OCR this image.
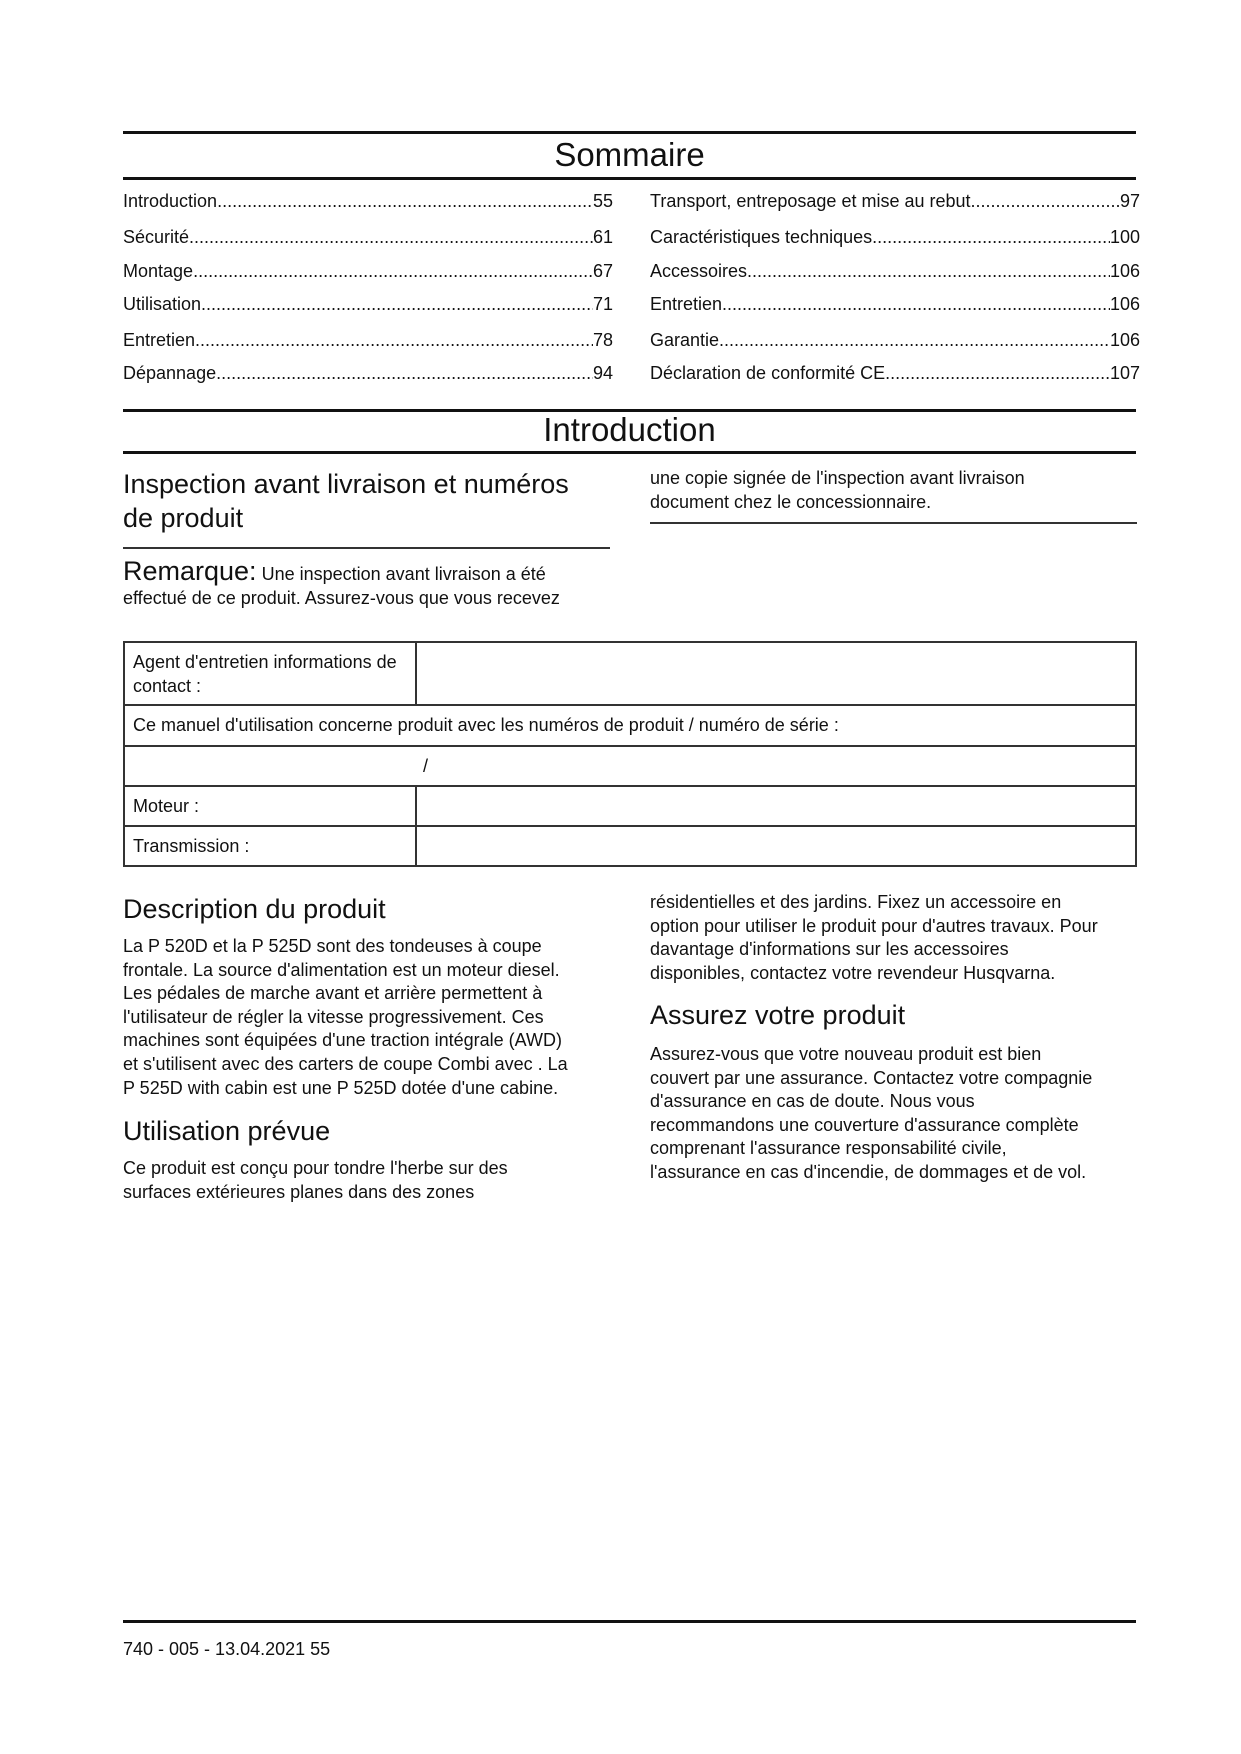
Sommaire
Introduction .....	55
Sécurité .....	61
Montage .....	67
Utilisation .....	71
Entretien .....	78
Dépannage .....	94
Transport, entreposage et mise au rebut .....	97
Caractéristiques techniques .....	100
Accessoires .....	106
Entretien .....	106
Garantie .....	106
Déclaration de conformité CE .....	107
Introduction
Inspection avant livraison et numéros
de produit
Remarque: Une inspection avant livraison a été
effectué de ce produit. Assurez-vous que vous recevez
une copie signée de l'inspection avant livraison
document chez le concessionnaire.
Agent d'entretien informations de contact :	
Ce manuel d'utilisation concerne produit avec les numéros de produit / numéro de série :	
/	
Moteur :	
Transmission :	
Description du produit
La P 520D et la P 525D sont des tondeuses à coupe
frontale. La source d'alimentation est un moteur diesel.
Les pédales de marche avant et arrière permettent à
l'utilisateur de régler la vitesse progressivement. Ces
machines sont équipées d'une traction intégrale (AWD)
et s'utilisent avec des carters de coupe Combi avec . La
P 525D with cabin est une P 525D dotée d'une cabine.
Utilisation prévue
Ce produit est conçu pour tondre l'herbe sur des
surfaces extérieures planes dans des zones
résidentielles et des jardins. Fixez un accessoire en
option pour utiliser le produit pour d'autres travaux. Pour
davantage d'informations sur les accessoires
disponibles, contactez votre revendeur Husqvarna.
Assurez votre produit
Assurez-vous que votre nouveau produit est bien
couvert par une assurance. Contactez votre compagnie
d'assurance en cas de doute. Nous vous
recommandons une couverture d'assurance complète
comprenant l'assurance responsabilité civile,
l'assurance en cas d'incendie, de dommages et de vol.
740 - 005 - 13.04.2021 55
